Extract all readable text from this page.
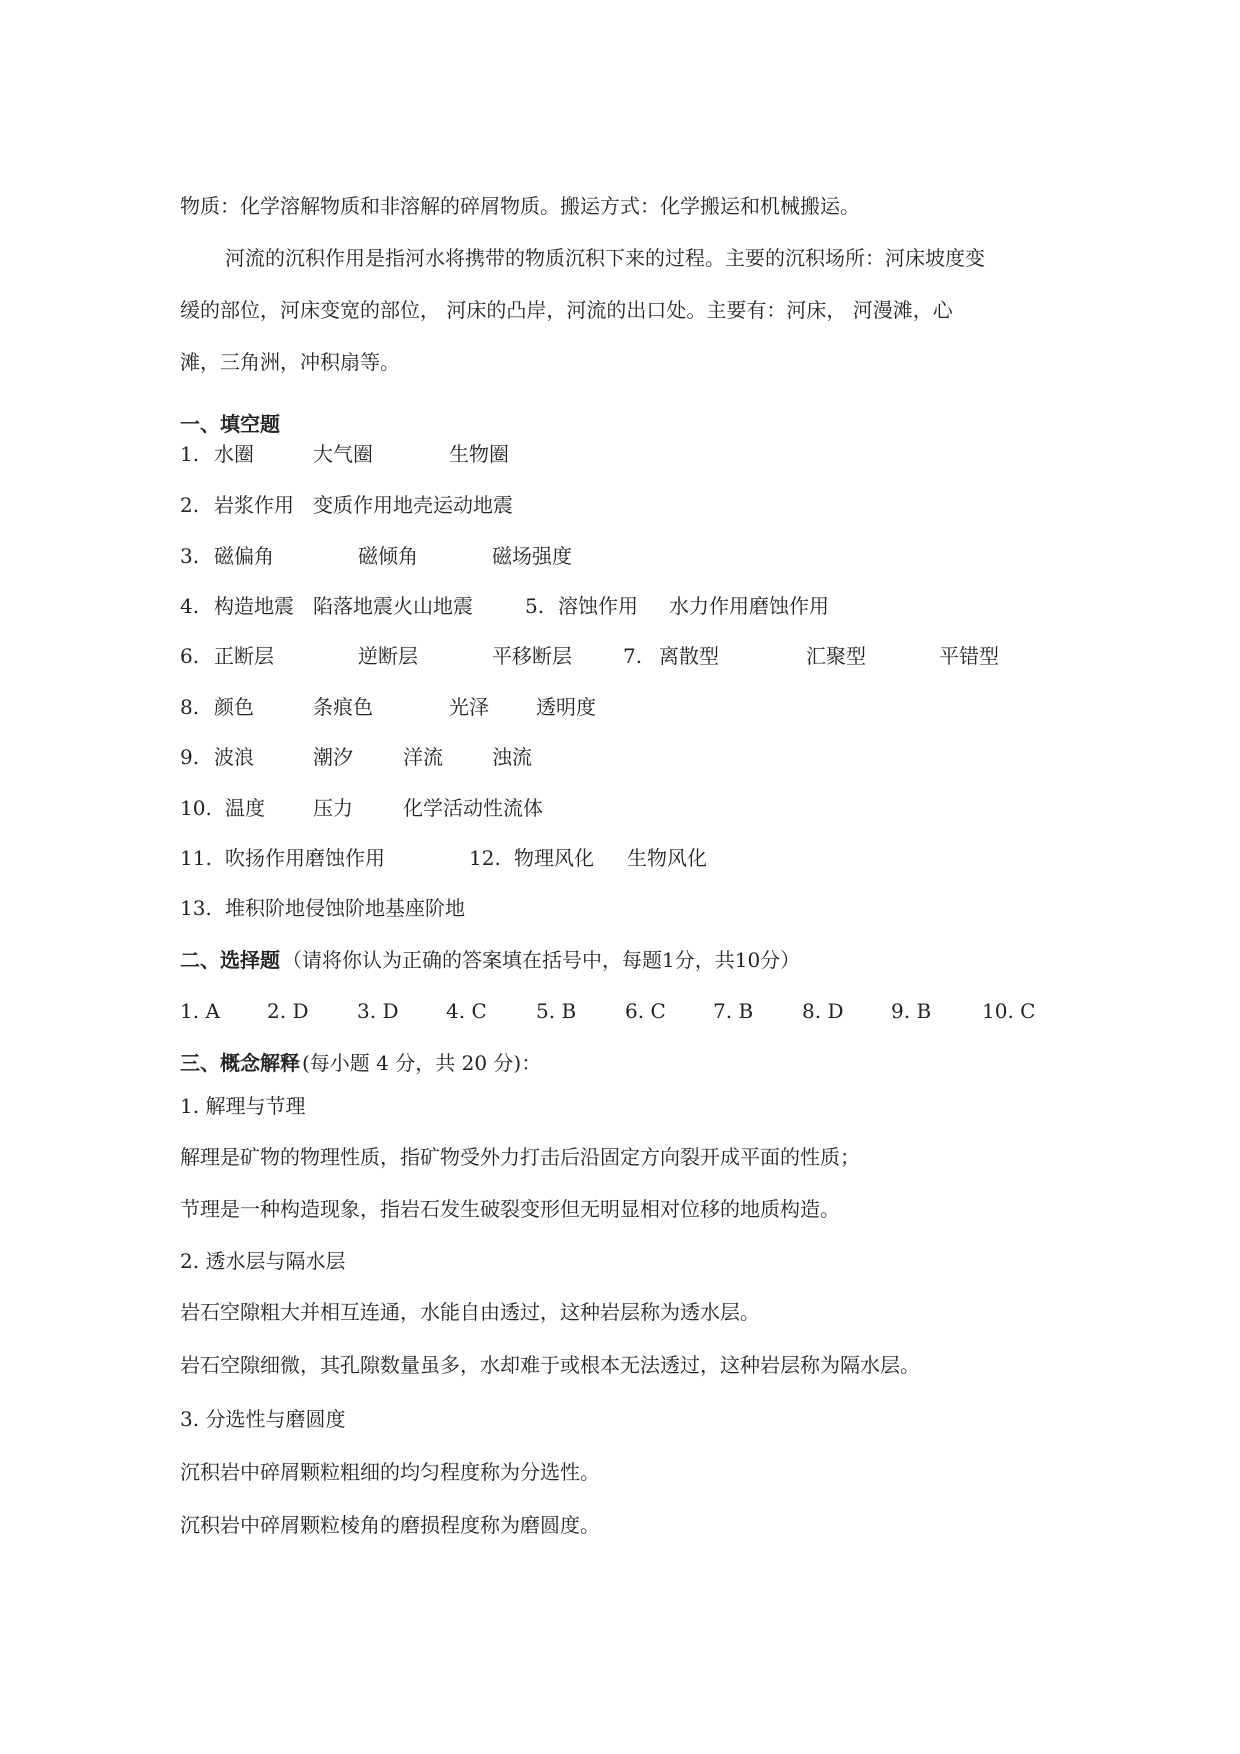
物质：化学溶解物质和非溶解的碎屑物质。搬运方式：化学搬运和机械搬运。
河流的沉积作用是指河水将携带的物质沉积下来的过程。主要的沉积场所：河床坡度变
缓的部位，河床变宽的部位， 河床的凸岸，河流的出口处。主要有：河床， 河漫滩，心
滩，三角洲，冲积扇等。
一、填空题
1. 水圈	大气圈	生物圈
2. 岩浆作用 变质作用地壳运动地震
3. 磁偏角	磁倾角	磁场强度
4. 构造地震 陷落地震火山地震	5. 溶蚀作用 水力作用磨蚀作用
6. 正断层	逆断层	平移断层	7. 离散型	汇聚型	平错型
8. 颜色	条痕色	光泽 透明度
9. 波浪	潮汐	洋流 浊流
10. 温度 压力	化学活动性流体
11. 吹扬作用磨蚀作用	12. 物理风化 生物风化
13. 堆积阶地侵蚀阶地基座阶地
二、选择题 （请将你认为正确的答案填在括号中，每题1分，共10分）
1. A 2. D 3. D 4. C 5. B 6. C 7. B 8. D 9. B	10. C
三、概念解释 (每小题 4 分，共 20 分)：
1. 解理与节理
解理是矿物的物理性质，指矿物受外力打击后沿固定方向裂开成平面的性质；
节理是一种构造现象，指岩石发生破裂变形但无明显相对位移的地质构造。
2. 透水层与隔水层
岩石空隙粗大并相互连通，水能自由透过，这种岩层称为透水层。
岩石空隙细微，其孔隙数量虽多，水却难于或根本无法透过，这种岩层称为隔水层。
3. 分选性与磨圆度
沉积岩中碎屑颗粒粗细的均匀程度称为分选性。
沉积岩中碎屑颗粒棱角的磨损程度称为磨圆度。
